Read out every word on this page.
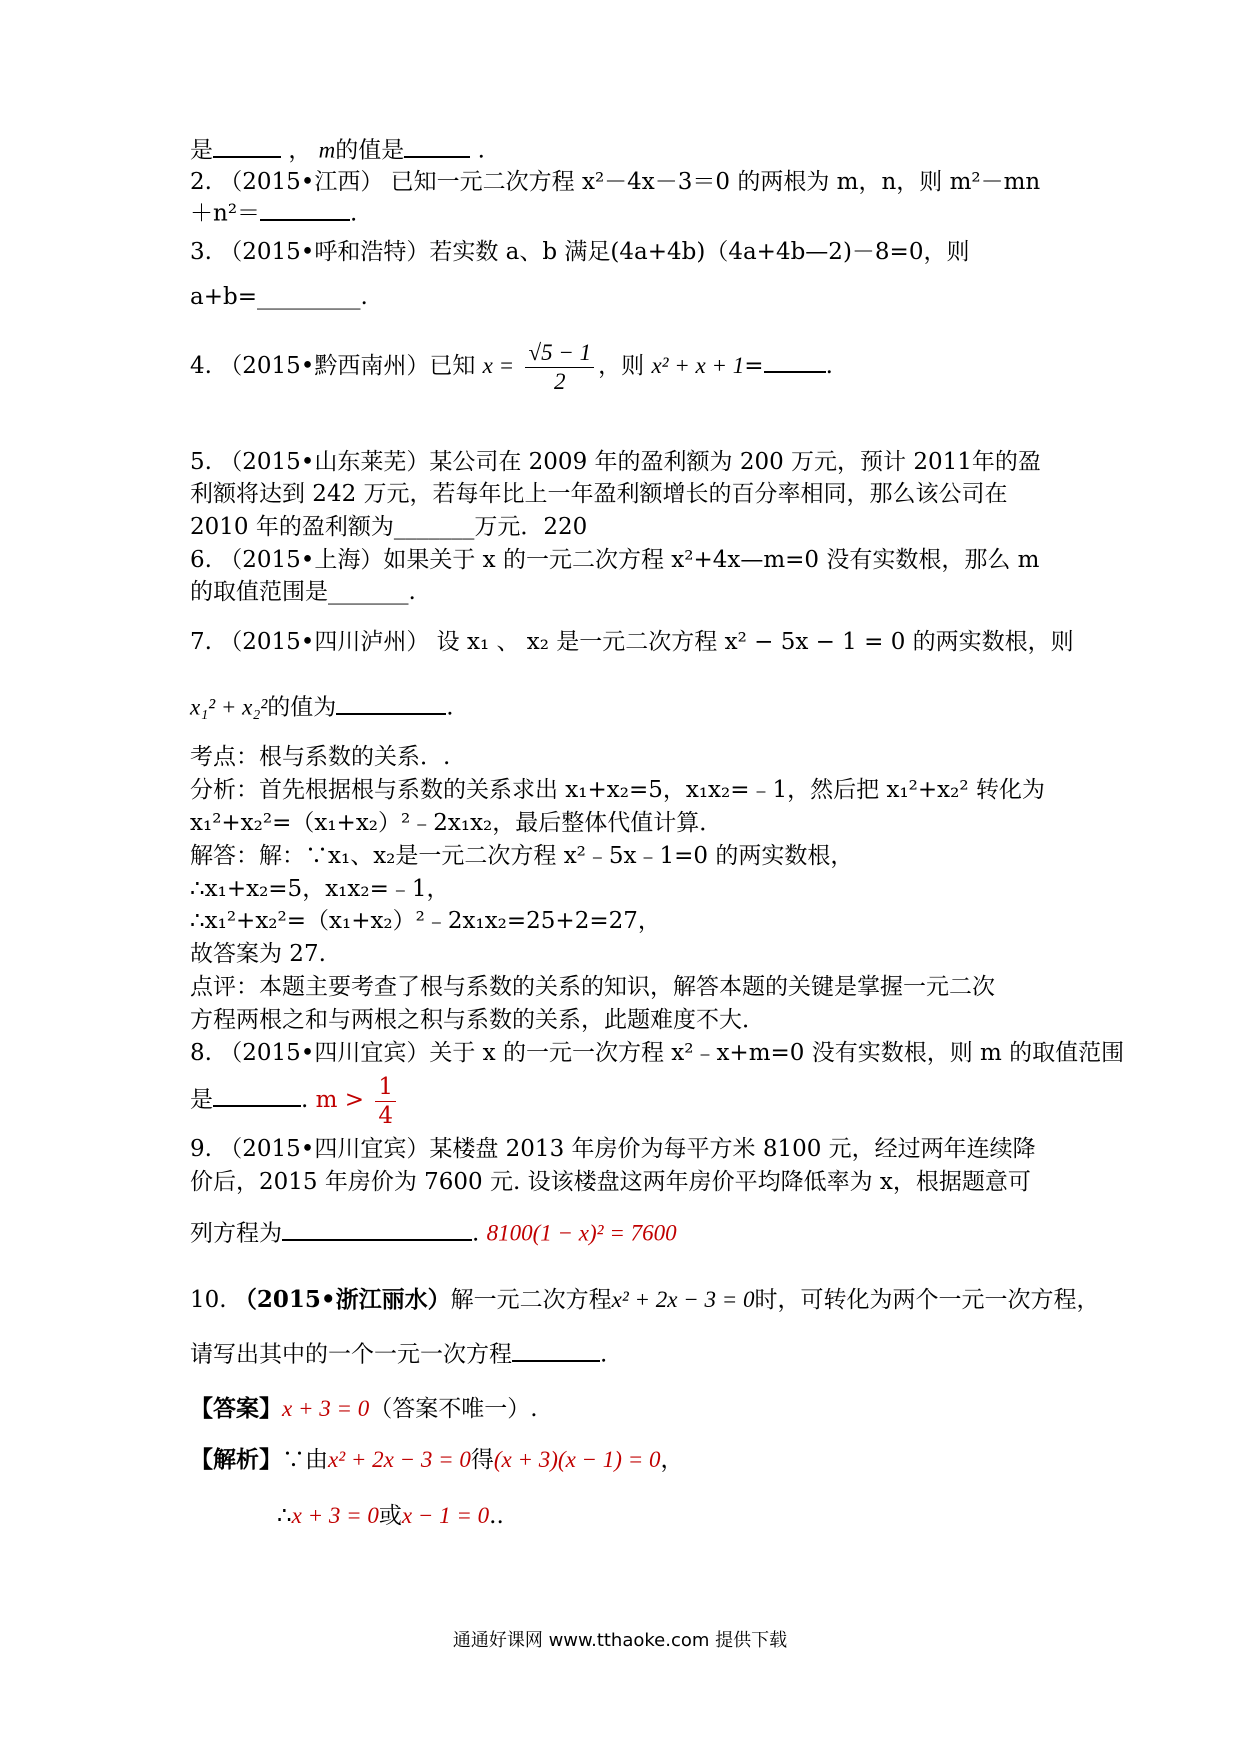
是	， m的值是	.
2. （2015•江西） 已知一元二次方程 x²－4x－3＝0 的两根为 m，n，则 m²－mn
＋n²＝	.
3. （2015•呼和浩特）若实数 a、b 满足(4a+4b)（4a+4b—2)－8=0，则
a+b=_________.
4. （2015•黔西南州）已知 $x = \frac{√5 - 1}{2}$ ，则 x² + x + 1=	.
5. （2015•山东莱芜）某公司在 2009 年的盈利额为 200 万元，预计 2011年的盈
利额将达到 242 万元，若每年比上一年盈利额增长的百分率相同，那么该公司在
2010 年的盈利额为_______万元．220
6. （2015•上海）如果关于 x 的一元二次方程 x²+4x—m=0 没有实数根，那么 m
的取值范围是_______.
7. （2015•四川泸州） 设 x₁ 、 x₂ 是一元二次方程 x² − 5x − 1 = 0 的两实数根，则
x₁² + x₂²的值为	.
考点：根与系数的关系．.
分析：首先根据根与系数的关系求出 x₁+x₂=5，x₁x₂=﹣1，然后把 x₁²+x₂² 转化为
x₁²+x₂²=（x₁+x₂）²﹣2x₁x₂，最后整体代值计算．
解答：解：∵x₁、x₂是一元二次方程 x²﹣5x﹣1=0 的两实数根，
∴x₁+x₂=5，x₁x₂=﹣1，
∴x₁²+x₂²=（x₁+x₂）²﹣2x₁x₂=25+2=27，
故答案为 27.
点评：本题主要考查了根与系数的关系的知识，解答本题的关键是掌握一元二次
方程两根之和与两根之积与系数的关系，此题难度不大．
8. （2015•四川宜宾）关于 x 的一元一次方程 x²﹣x+m=0 没有实数根，则 m 的取值范围
是	. $m > \frac{1}{4}$
9. （2015•四川宜宾）某楼盘 2013 年房价为每平方米 8100 元，经过两年连续降
价后，2015 年房价为 7600 元. 设该楼盘这两年房价平均降低率为 x，根据题意可
列方程为	. 8100(1 − x)² = 7600
10. （2015•浙江丽水）解一元二次方程x² + 2x − 3 = 0时，可转化为两个一元一次方程，
请写出其中的一个一元一次方程	.
【答案】x + 3 = 0（答案不唯一）.
【解析】∵由x² + 2x − 3 = 0得(x + 3)(x − 1) = 0，
∴x + 3 = 0或x − 1 = 0..
通通好课网 www.tthaoke.com 提供下载
